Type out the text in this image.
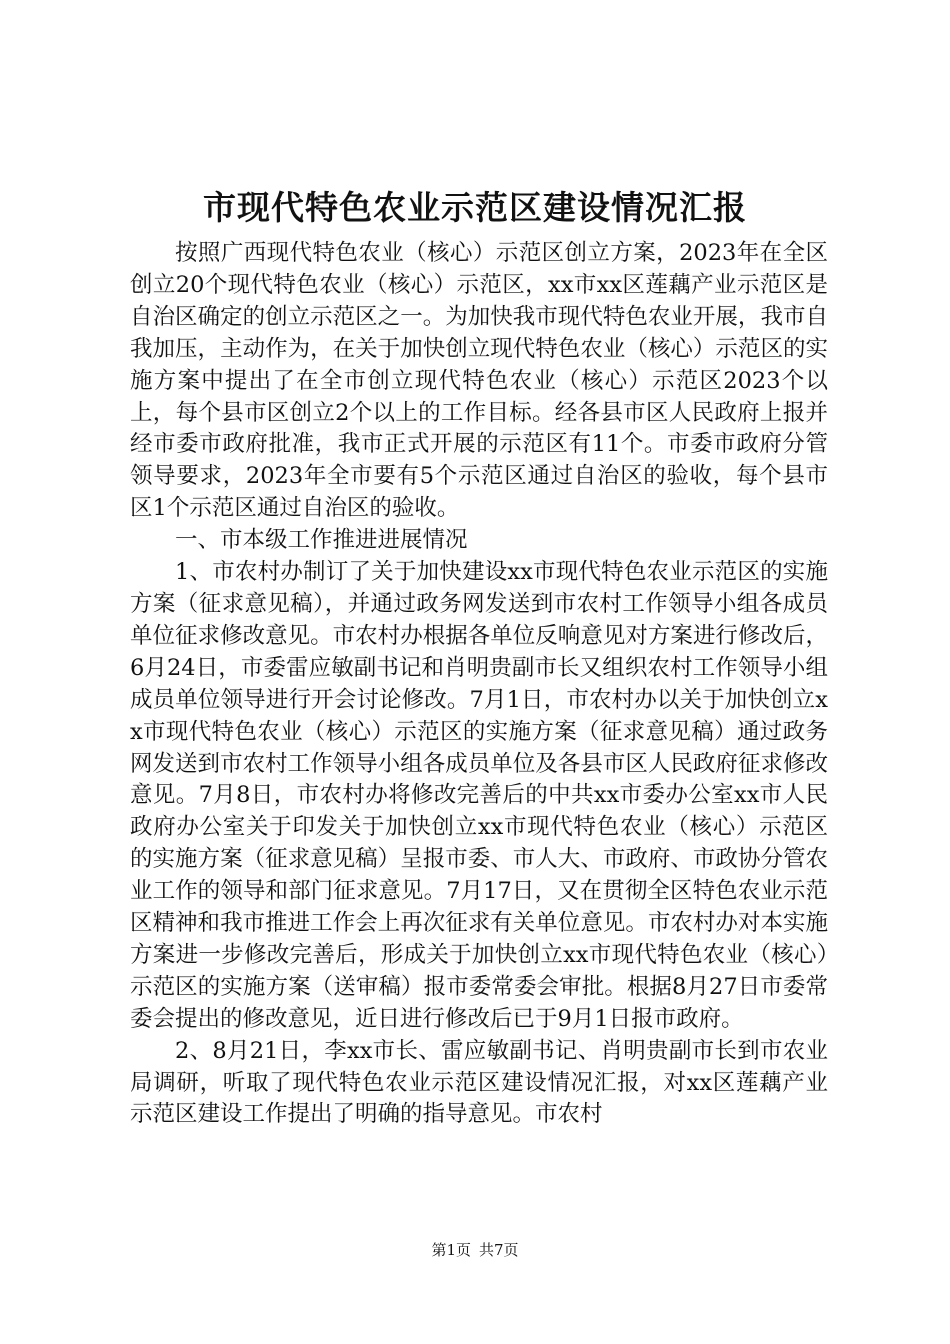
市现代特色农业示范区建设情况汇报

按照广西现代特色农业（核心）示范区创立方案，2023年在全区创立20个现代特色农业（核心）示范区，xx市xx区莲藕产业示范区是自治区确定的创立示范区之一。为加快我市现代特色农业开展，我市自我加压，主动作为，在关于加快创立现代特色农业（核心）示范区的实施方案中提出了在全市创立现代特色农业（核心）示范区2023个以上，每个县市区创立2个以上的工作目标。经各县市区人民政府上报并经市委市政府批准，我市正式开展的示范区有11个。市委市政府分管领导要求，2023年全市要有5个示范区通过自治区的验收，每个县市区1个示范区通过自治区的验收。

一、市本级工作推进进展情况

1、市农村办制订了关于加快建设xx市现代特色农业示范区的实施方案（征求意见稿），并通过政务网发送到市农村工作领导小组各成员单位征求修改意见。市农村办根据各单位反响意见对方案进行修改后，6月24日，市委雷应敏副书记和肖明贵副市长又组织农村工作领导小组成员单位领导进行开会讨论修改。7月1日，市农村办以关于加快创立xx市现代特色农业（核心）示范区的实施方案（征求意见稿）通过政务网发送到市农村工作领导小组各成员单位及各县市区人民政府征求修改意见。7月8日，市农村办将修改完善后的中共xx市委办公室xx市人民政府办公室关于印发关于加快创立xx市现代特色农业（核心）示范区的实施方案（征求意见稿）呈报市委、市人大、市政府、市政协分管农业工作的领导和部门征求意见。7月17日，又在贯彻全区特色农业示范区精神和我市推进工作会上再次征求有关单位意见。市农村办对本实施方案进一步修改完善后，形成关于加快创立xx市现代特色农业（核心）示范区的实施方案（送审稿）报市委常委会审批。根据8月27日市委常委会提出的修改意见，近日进行修改后已于9月1日报市政府。

2、8月21日，李xx市长、雷应敏副书记、肖明贵副市长到市农业局调研，听取了现代特色农业示范区建设情况汇报，对xx区莲藕产业示范区建设工作提出了明确的指导意见。市农村

第1页 共7页
